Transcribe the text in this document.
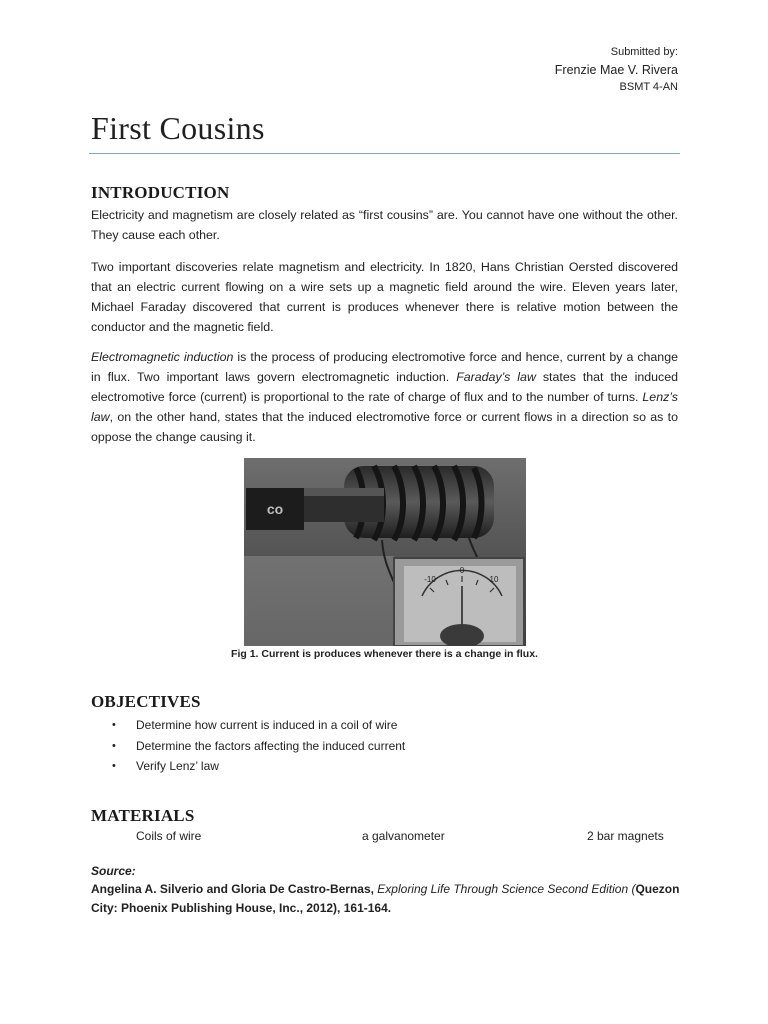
Submitted by:
Frenzie Mae V. Rivera
BSMT 4-AN
First Cousins
INTRODUCTION
Electricity and magnetism are closely related as “first cousins” are. You cannot have one without the other. They cause each other.
Two important discoveries relate magnetism and electricity. In 1820, Hans Christian Oersted discovered that an electric current flowing on a wire sets up a magnetic field around the wire. Eleven years later, Michael Faraday discovered that current is produces whenever there is relative motion between the conductor and the magnetic field.
Electromagnetic induction is the process of producing electromotive force and hence, current by a change in flux. Two important laws govern electromagnetic induction. Faraday’s law states that the induced electromotive force (current) is proportional to the rate of charge of flux and to the number of turns. Lenz’s law, on the other hand, states that the induced electromotive force or current flows in a direction so as to oppose the change causing it.
co
-10
0
10
Fig 1. Current is produces whenever there is a change in flux.
OBJECTIVES
• Determine how current is induced in a coil of wire
• Determine the factors affecting the induced current
• Verify Lenz’ law
MATERIALS
Coils of wire	a galvanometer	2 bar magnets
Source:
Angelina A. Silverio and Gloria De Castro-Bernas, Exploring Life Through Science Second Edition (Quezon City: Phoenix Publishing House, Inc., 2012), 161-164.
